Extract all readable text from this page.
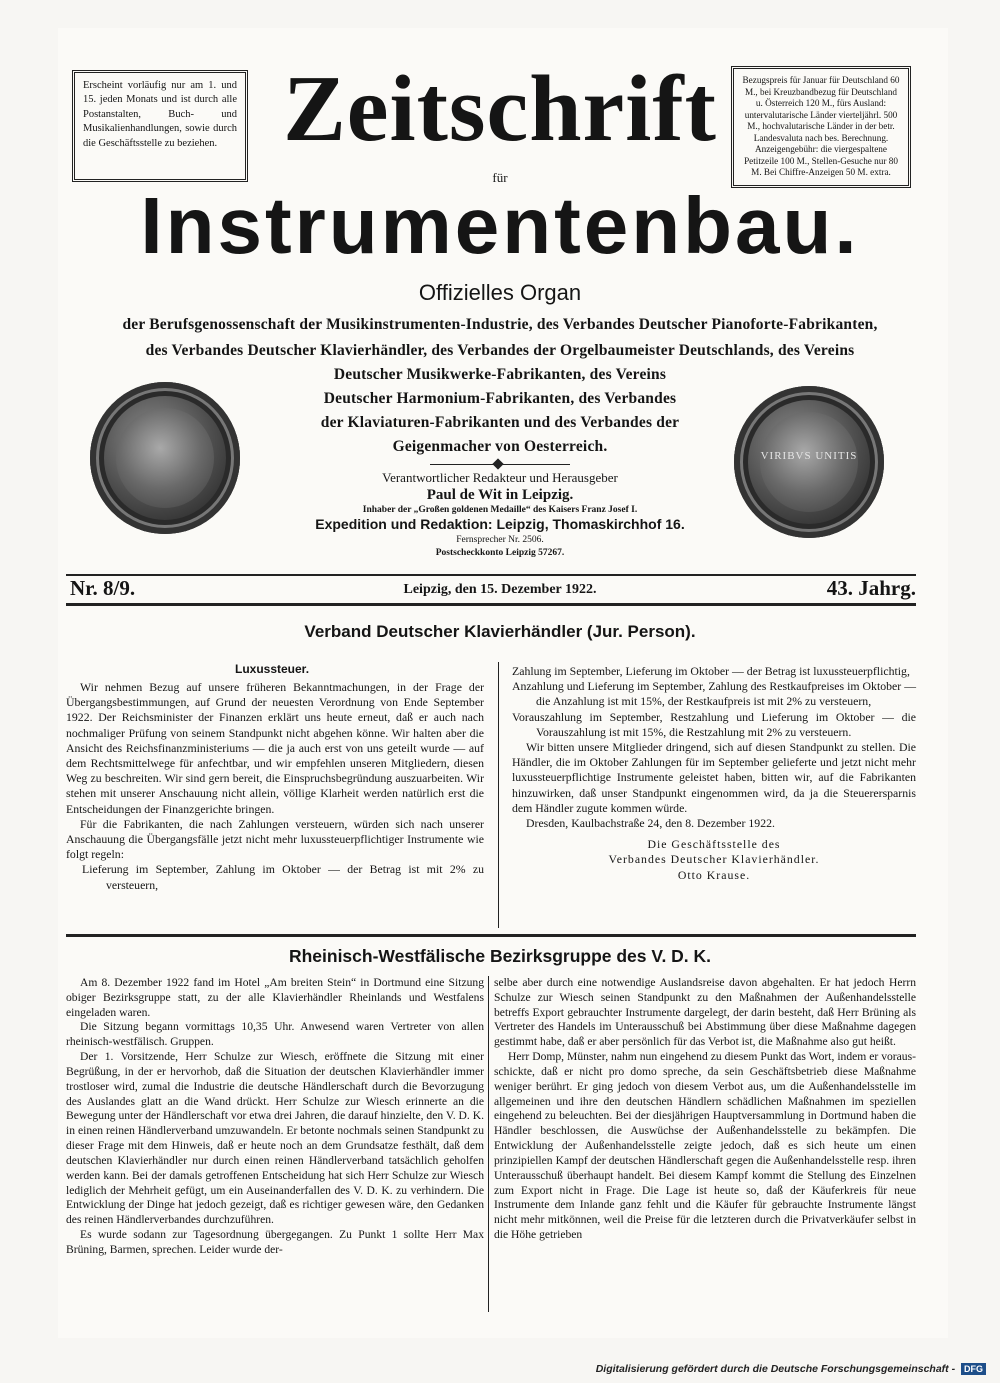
Erscheint vorläufig nur am 1. und 15. jeden Monats und ist durch alle Postanstalten, Buch- und Musikalienhandlungen, sowie durch die Geschäftsstelle zu beziehen.

Bezugspreis für Januar für Deutschland 60 M., bei Kreuzbandbezug für Deutschland u. Österreich 120 M., fürs Ausland: untervalutarische Länder vierteljährl. 500 M., hochvalutarische Länder in der betr. Landesvaluta nach bes. Berechnung. Anzeigengebühr: die viergespaltene Petitzeile 100 M., Stellen-Gesuche nur 80 M. Bei Chiffre-Anzeigen 50 M. extra.

Zeitschrift
für
Instrumentenbau.
Offizielles Organ
der Berufsgenossenschaft der Musikinstrumenten-Industrie, des Verbandes Deutscher Pianoforte-Fabrikanten,
des Verbandes Deutscher Klavierhändler, des Verbandes der Orgelbaumeister Deutschlands, des Vereins
Deutscher Musikwerke-Fabrikanten, des Vereins
Deutscher Harmonium-Fabrikanten, des Verbandes
der Klaviaturen-Fabrikanten und des Verbandes der
Geigenmacher von Oesterreich.
VIRIBVS UNITIS
Verantwortlicher Redakteur und Herausgeber
Paul de Wit in Leipzig.
Inhaber der „Großen goldenen Medaille“ des Kaisers Franz Josef I.
Expedition und Redaktion: Leipzig, Thomaskirchhof 16.
Fernsprecher Nr. 2506.
Postscheckkonto Leipzig 57267.
Nr. 8/9.	Leipzig, den 15. Dezember 1922.	43. Jahrg.
Verband Deutscher Klavierhändler (Jur. Person).
Luxussteuer.

Wir nehmen Bezug auf unsere früheren Bekanntmachungen, in der Frage der Übergangsbestimmungen, auf Grund der neuesten Verordnung von Ende September 1922. Der Reichsminister der Finanzen erklärt uns heute erneut, daß er auch nach nochmaliger Prüfung von seinem Standpunkt nicht abgehen könne. Wir halten aber die Ansicht des Reichsfinanzministeriums — die ja auch erst von uns geteilt wurde — auf dem Rechtsmittelwege für anfechtbar, und wir empfehlen unseren Mitgliedern, diesen Weg zu beschreiten. Wir sind gern bereit, die Einspruchsbegründung auszuarbeiten. Wir stehen mit unserer Anschauung nicht allein, völlige Klarheit werden natürlich erst die Entscheidungen der Finanzgerichte bringen.

Für die Fabrikanten, die nach Zahlungen versteuern, würden sich nach unserer Anschauung die Übergangsfälle jetzt nicht mehr luxussteuerpflichtiger Instrumente wie folgt regeln:

Lieferung im September, Zahlung im Oktober — der Betrag ist mit 2% zu versteuern,

Zahlung im September, Lieferung im Oktober — der Betrag ist luxussteuerpflichtig,

Anzahlung und Lieferung im September, Zahlung des Restkaufpreises im Oktober — die Anzahlung ist mit 15%, der Restkaufpreis ist mit 2% zu versteuern,

Vorauszahlung im September, Restzahlung und Lieferung im Oktober — die Vorauszahlung ist mit 15%, die Restzahlung mit 2% zu versteuern.

Wir bitten unsere Mitglieder dringend, sich auf diesen Standpunkt zu stellen. Die Händler, die im Oktober Zahlungen für im September gelieferte und jetzt nicht mehr luxussteuerpflichtige Instrumente geleistet haben, bitten wir, auf die Fabrikanten hinzuwirken, daß unser Standpunkt eingenommen wird, da ja die Steuerersparnis dem Händler zugute kommen würde.

Dresden, Kaulbachstraße 24, den 8. Dezember 1922.

Die Geschäftsstelle des

Verbandes Deutscher Klavierhändler.

Otto Krause.

Rheinisch-Westfälische Bezirksgruppe des V. D. K.

Am 8. Dezember 1922 fand im Hotel „Am breiten Stein“ in Dortmund eine Sitzung obiger Bezirksgruppe statt, zu der alle Klavierhändler Rheinlands und Westfalens eingeladen waren.

Die Sitzung begann vormittags 10,35 Uhr. Anwesend waren Vertreter von allen rheinisch-westfälisch. Gruppen.

Der 1. Vorsitzende, Herr Schulze zur Wiesch, eröffnete die Sitzung mit einer Begrüßung, in der er hervorhob, daß die Situation der deutschen Klavierhändler immer trostloser wird, zumal die Industrie die deutsche Händlerschaft durch die Bevorzugung des Auslandes glatt an die Wand drückt. Herr Schulze zur Wiesch erinnerte an die Bewegung unter der Händlerschaft vor etwa drei Jahren, die darauf hinzielte, den V. D. K. in einen reinen Händlerverband umzuwandeln. Er betonte nochmals seinen Standpunkt zu dieser Frage mit dem Hinweis, daß er heute noch an dem Grundsatze festhält, daß dem deutschen Klavierhändler nur durch einen reinen Händlerverband tatsächlich geholfen werden kann. Bei der damals getroffenen Entscheidung hat sich Herr Schulze zur Wiesch lediglich der Mehrheit gefügt, um ein Auseinanderfallen des V. D. K. zu verhindern. Die Entwicklung der Dinge hat jedoch gezeigt, daß es richtiger gewesen wäre, den Gedanken des reinen Händlerverbandes durchzuführen.

Es wurde sodann zur Tagesordnung übergegangen. Zu Punkt 1 sollte Herr Max Brüning, Barmen, sprechen. Leider wurde der-

selbe aber durch eine notwendige Auslandsreise davon abgehalten. Er hat jedoch Herrn Schulze zur Wiesch seinen Standpunkt zu den Maßnahmen der Außenhandelsstelle betreffs Export gebrauchter Instrumente dargelegt, der darin besteht, daß Herr Brüning als Vertreter des Handels im Unterausschuß bei Abstimmung über diese Maßnahme dagegen gestimmt habe, daß er aber persönlich für das Verbot ist, die Maßnahme also gut heißt.

Herr Domp, Münster, nahm nun eingehend zu diesem Punkt das Wort, indem er vorausschickte, daß er nicht pro domo spreche, da sein Geschäftsbetrieb diese Maßnahme weniger berührt. Er ging jedoch von diesem Verbot aus, um die Außenhandelsstelle im allgemeinen und ihre den deutschen Händlern schädlichen Maßnahmen im speziellen eingehend zu beleuchten. Bei der diesjährigen Hauptversammlung in Dortmund haben die Händler beschlossen, die Auswüchse der Außenhandelsstelle zu bekämpfen. Die Entwicklung der Außenhandelsstelle zeigte jedoch, daß es sich heute um einen prinzipiellen Kampf der deutschen Händlerschaft gegen die Außenhandelsstelle resp. ihren Unterausschuß überhaupt handelt. Bei diesem Kampf kommt die Stellung des Einzelnen zum Export nicht in Frage. Die Lage ist heute so, daß der Käuferkreis für neue Instrumente dem Inlande ganz fehlt und die Käufer für gebrauchte Instrumente längst nicht mehr mitkönnen, weil die Preise für die letzteren durch die Privatverkäufer selbst in die Höhe getrieben

Digitalisierung gefördert durch die Deutsche Forschungsgemeinschaft - DFG
